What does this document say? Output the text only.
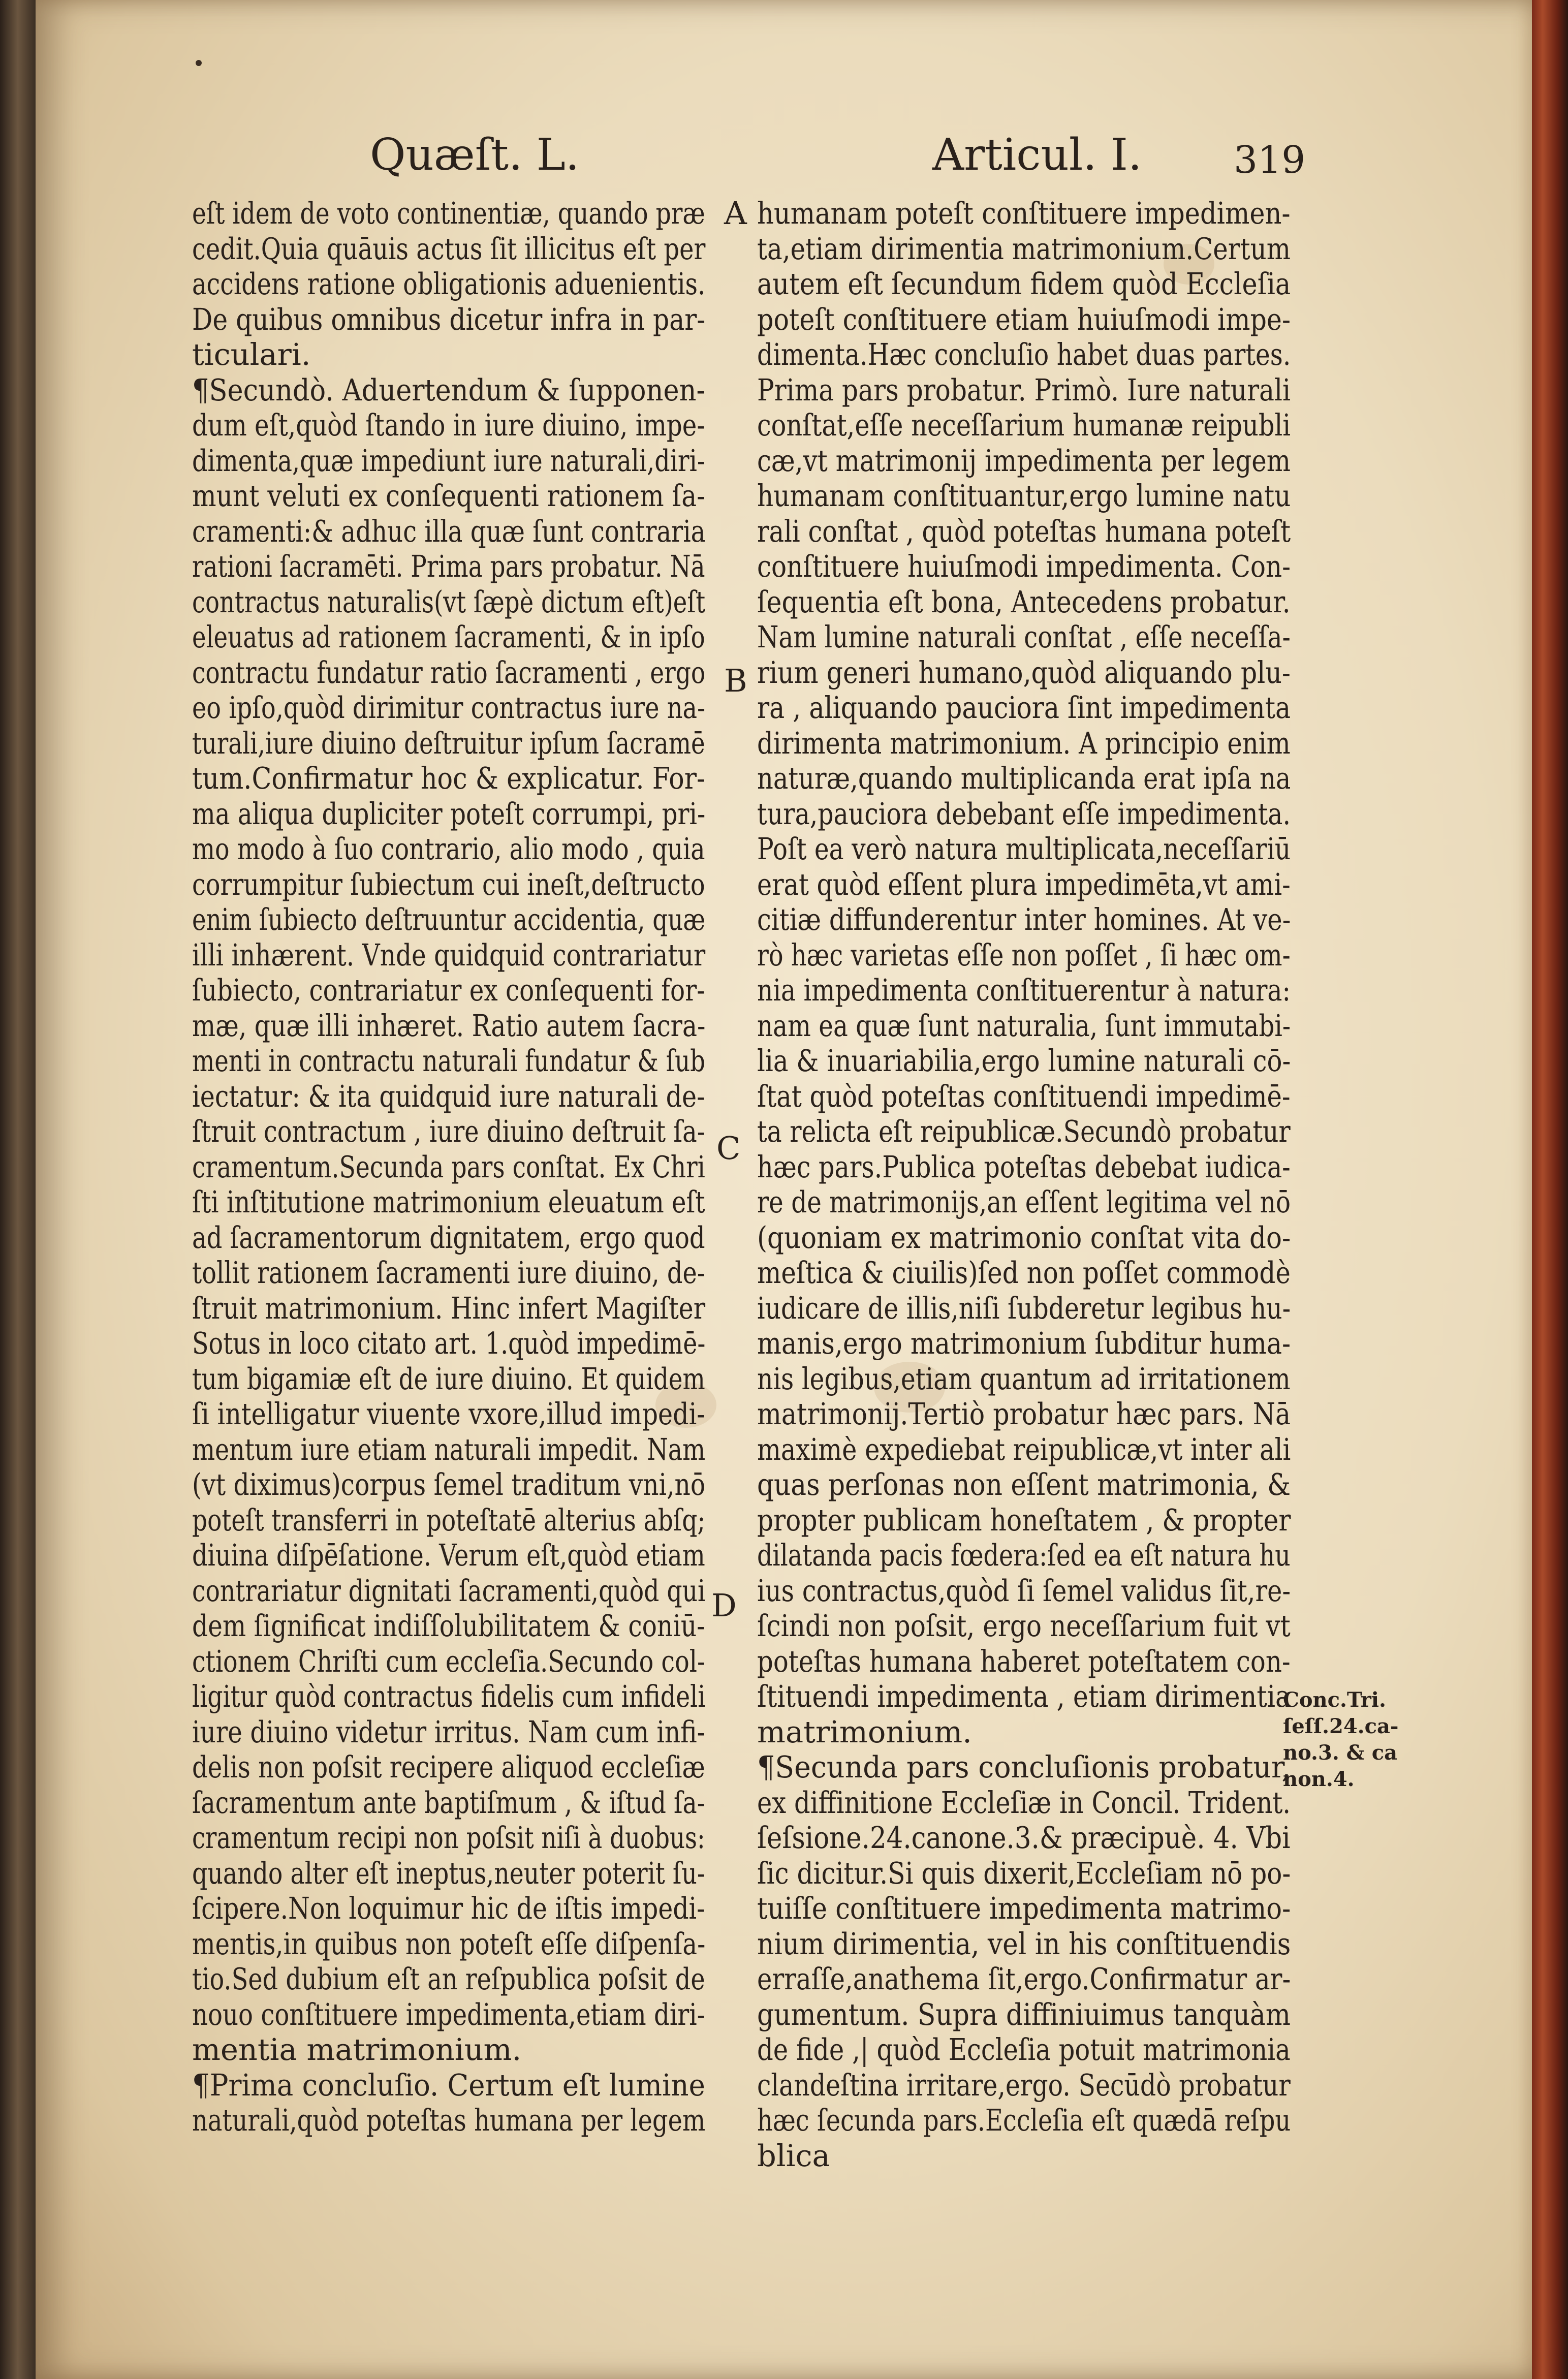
Quæſt. L.	Articul. I. 319
A
B
C
D
eſt idem de voto continentiæ, quando præ
cedit.Quia quāuis actus ſit illicitus eſt per
accidens ratione obligationis aduenientis.
De quibus omnibus dicetur infra in par-
ticulari.
¶Secundò. Aduertendum & ſupponen-
dum eſt,quòd ſtando in iure diuino, impe-
dimenta,quæ impediunt iure naturali,diri-
munt veluti ex conſequenti rationem ſa-
cramenti:& adhuc illa quæ ſunt contraria
rationi ſacramēti. Prima pars probatur. Nā
contractus naturalis(vt ſæpè dictum eſt)eſt
eleuatus ad rationem ſacramenti, & in ipſo
contractu fundatur ratio ſacramenti , ergo
eo ipſo,quòd dirimitur contractus iure na-
turali,iure diuino deſtruitur ipſum ſacramē
tum.Confirmatur hoc & explicatur. For-
ma aliqua dupliciter poteſt corrumpi, pri-
mo modo à ſuo contrario, alio modo , quia
corrumpitur ſubiectum cui ineſt,deſtructo
enim ſubiecto deſtruuntur accidentia, quæ
illi inhærent. Vnde quidquid contrariatur
ſubiecto, contrariatur ex conſequenti for-
mæ, quæ illi inhæret. Ratio autem ſacra-
menti in contractu naturali fundatur & ſub
iectatur: & ita quidquid iure naturali de-
ſtruit contractum , iure diuino deſtruit ſa-
cramentum.Secunda pars conſtat. Ex Chri
ſti inſtitutione matrimonium eleuatum eſt
ad ſacramentorum dignitatem, ergo quod
tollit rationem ſacramenti iure diuino, de-
ſtruit matrimonium. Hinc infert Magiſter
Sotus in loco citato art. 1.quòd impedimē-
tum bigamiæ eſt de iure diuino. Et quidem
ſi intelligatur viuente vxore,illud impedi-
mentum iure etiam naturali impedit. Nam
(vt diximus)corpus ſemel traditum vni,nō
poteſt transferri in poteſtatē alterius abſq;
diuina diſpēſatione. Verum eſt,quòd etiam
contrariatur dignitati ſacramenti,quòd qui
dem ſignificat indiſſolubilitatem & coniū-
ctionem Chriſti cum eccleſia.Secundo col-
ligitur quòd contractus fidelis cum infideli
iure diuino videtur irritus. Nam cum infi-
delis non poſsit recipere aliquod eccleſiæ
ſacramentum ante baptiſmum , & iſtud ſa-
cramentum recipi non poſsit niſi à duobus:
quando alter eſt ineptus,neuter poterit ſu-
ſcipere.Non loquimur hic de iſtis impedi-
mentis,in quibus non poteſt eſſe diſpenſa-
tio.Sed dubium eſt an reſpublica poſsit de
nouo conſtituere impedimenta,etiam diri-
mentia matrimonium.
¶Prima concluſio. Certum eſt lumine
naturali,quòd poteſtas humana per legem
humanam poteſt conſtituere impedimen-
ta,etiam dirimentia matrimonium.Certum
autem eſt ſecundum fidem quòd Eccleſia
poteſt conſtituere etiam huiuſmodi impe-
dimenta.Hæc concluſio habet duas partes.
Prima pars probatur. Primò. Iure naturali
conſtat,eſſe neceſſarium humanæ reipubli
cæ,vt matrimonij impedimenta per legem
humanam conſtituantur,ergo lumine natu
rali conſtat , quòd poteſtas humana poteſt
conſtituere huiuſmodi impedimenta. Con-
ſequentia eſt bona, Antecedens probatur.
Nam lumine naturali conſtat , eſſe neceſſa-
rium generi humano,quòd aliquando plu-
ra , aliquando pauciora ſint impedimenta
dirimenta matrimonium. A principio enim
naturæ,quando multiplicanda erat ipſa na
tura,pauciora debebant eſſe impedimenta.
Poſt ea verò natura multiplicata,neceſſariū
erat quòd eſſent plura impedimēta,vt ami-
citiæ diffunderentur inter homines. At ve-
rò hæc varietas eſſe non poſſet , ſi hæc om-
nia impedimenta conſtituerentur à natura:
nam ea quæ ſunt naturalia, ſunt immutabi-
lia & inuariabilia,ergo lumine naturali cō-
ſtat quòd poteſtas conſtituendi impedimē-
ta relicta eſt reipublicæ.Secundò probatur
hæc pars.Publica poteſtas debebat iudica-
re de matrimonijs,an eſſent legitima vel nō
(quoniam ex matrimonio conſtat vita do-
meſtica & ciuilis)ſed non poſſet commodè
iudicare de illis,niſi ſubderetur legibus hu-
manis,ergo matrimonium ſubditur huma-
nis legibus,etiam quantum ad irritationem
matrimonij.Tertiò probatur hæc pars. Nā
maximè expediebat reipublicæ,vt inter ali
quas perſonas non eſſent matrimonia, &
propter publicam honeſtatem , & propter
dilatanda pacis fœdera:ſed ea eſt natura hu
ius contractus,quòd ſi ſemel validus ſit,re-
ſcindi non poſsit, ergo neceſſarium fuit vt
poteſtas humana haberet poteſtatem con-
ſtituendi impedimenta , etiam dirimentia
matrimonium.
¶Secunda pars concluſionis probatur,
ex diffinitione Eccleſiæ in Concil. Trident.
ſeſsione.24.canone.3.& præcipuè. 4. Vbi
ſic dicitur.Si quis dixerit,Eccleſiam nō po-
tuiſſe conſtituere impedimenta matrimo-
nium dirimentia, vel in his conſtituendis
erraſſe,anathema ſit,ergo.Confirmatur ar-
gumentum. Supra diffiniuimus tanquàm
de fide ,| quòd Eccleſia potuit matrimonia
clandeſtina irritare,ergo. Secūdò probatur
hæc ſecunda pars.Eccleſia eſt quædā reſpu
blica
Conc.Tri.
ſeſſ.24.ca-
no.3. & ca
non.4.
